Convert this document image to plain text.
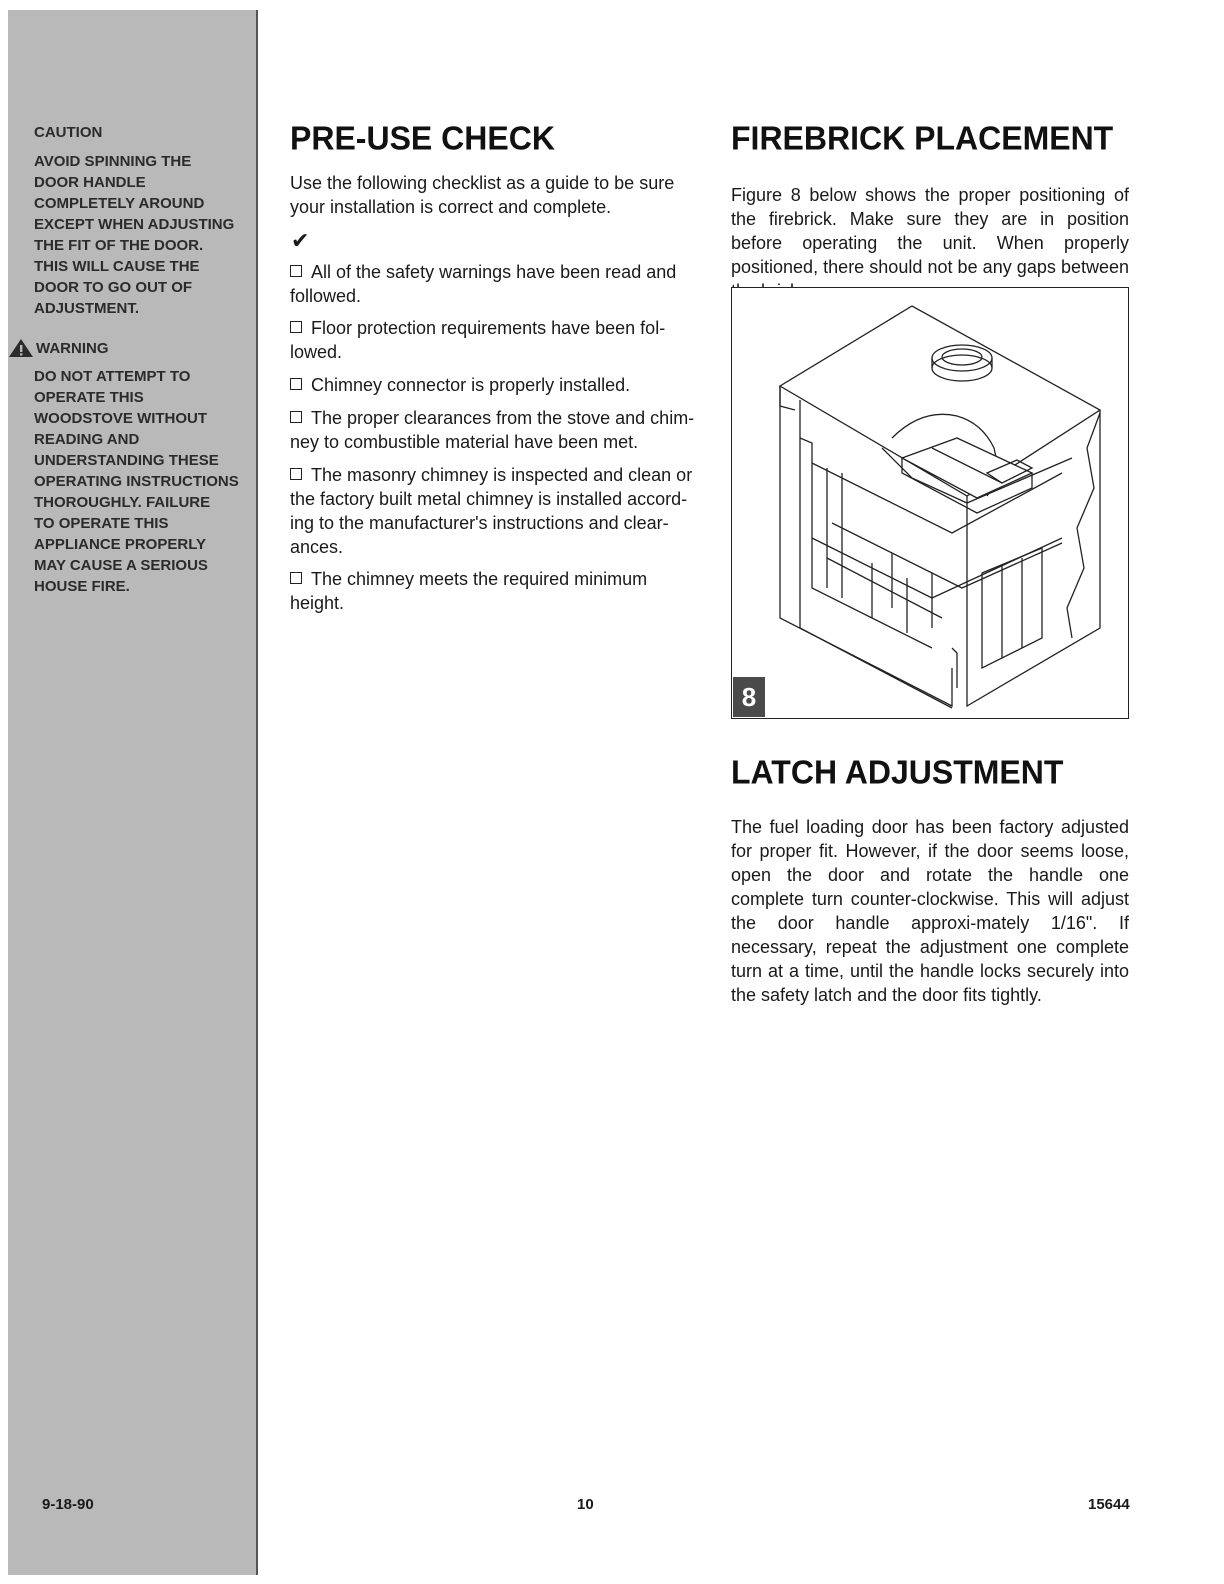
CAUTION
AVOID SPINNING THE
DOOR HANDLE
COMPLETELY AROUND
EXCEPT WHEN ADJUSTING
THE FIT OF THE DOOR.
THIS WILL CAUSE THE
DOOR TO GO OUT OF
ADJUSTMENT.
WARNING
DO NOT ATTEMPT TO
OPERATE THIS
WOODSTOVE WITHOUT
READING AND
UNDERSTANDING THESE
OPERATING INSTRUCTIONS
THOROUGHLY. FAILURE
TO OPERATE THIS
APPLIANCE PROPERLY
MAY CAUSE A SERIOUS
HOUSE FIRE.
PRE-USE CHECK
Use the following checklist as a guide to be sure your installation is correct and complete.
✔
All of the safety warnings have been read and followed.
Floor protection requirements have been fol-lowed.
Chimney connector is properly installed.
The proper clearances from the stove and chim-ney to combustible material have been met.
The masonry chimney is inspected and clean or the factory built metal chimney is installed accord-ing to the manufacturer's instructions and clear-ances.
The chimney meets the required minimum height.
FIREBRICK PLACEMENT
Figure 8 below shows the proper positioning of the firebrick. Make sure they are in position before operating the unit. When properly positioned, there should not be any gaps between
8
LATCH ADJUSTMENT
The fuel loading door has been factory adjusted for proper fit. However, if the door seems loose, open the door and rotate the handle one complete turn counter-clockwise. This will adjust the door handle approxi-mately 1/16". If necessary, repeat the adjustment one complete turn at a time, until the handle locks securely into the safety latch and the door fits tightly.
9-18-90	10	15644
